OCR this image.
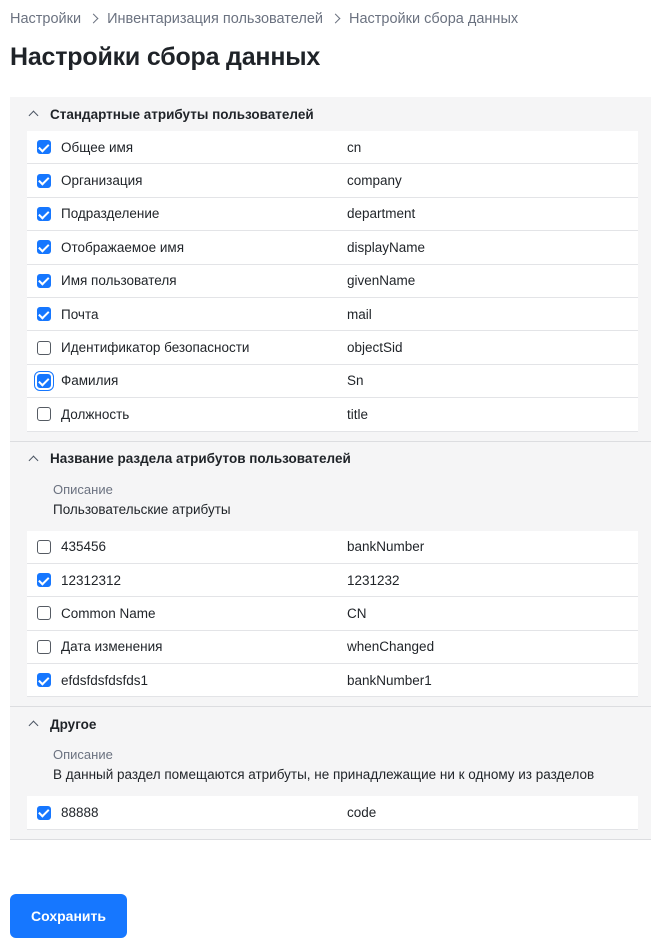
Настройки Инвентаризация пользователей Настройки сбора данных
Настройки сбора данных
Стандартные атрибуты пользователей
Общее имя	cn
Организация	company
Подразделение	department
Отображаемое имя	displayName
Имя пользователя	givenName
Почта	mail
Идентификатор безопасности	objectSid
Фамилия	Sn
Должность	title
Название раздела атрибутов пользователей
Описание
Пользовательские атрибуты
435456	bankNumber
12312312	1231232
Common Name	CN
Дата изменения	whenChanged
efdsfdsfdsfds1	bankNumber1
Другое
Описание
В данный раздел помещаются атрибуты, не принадлежащие ни к одному из разделов
88888	code
Сохранить
